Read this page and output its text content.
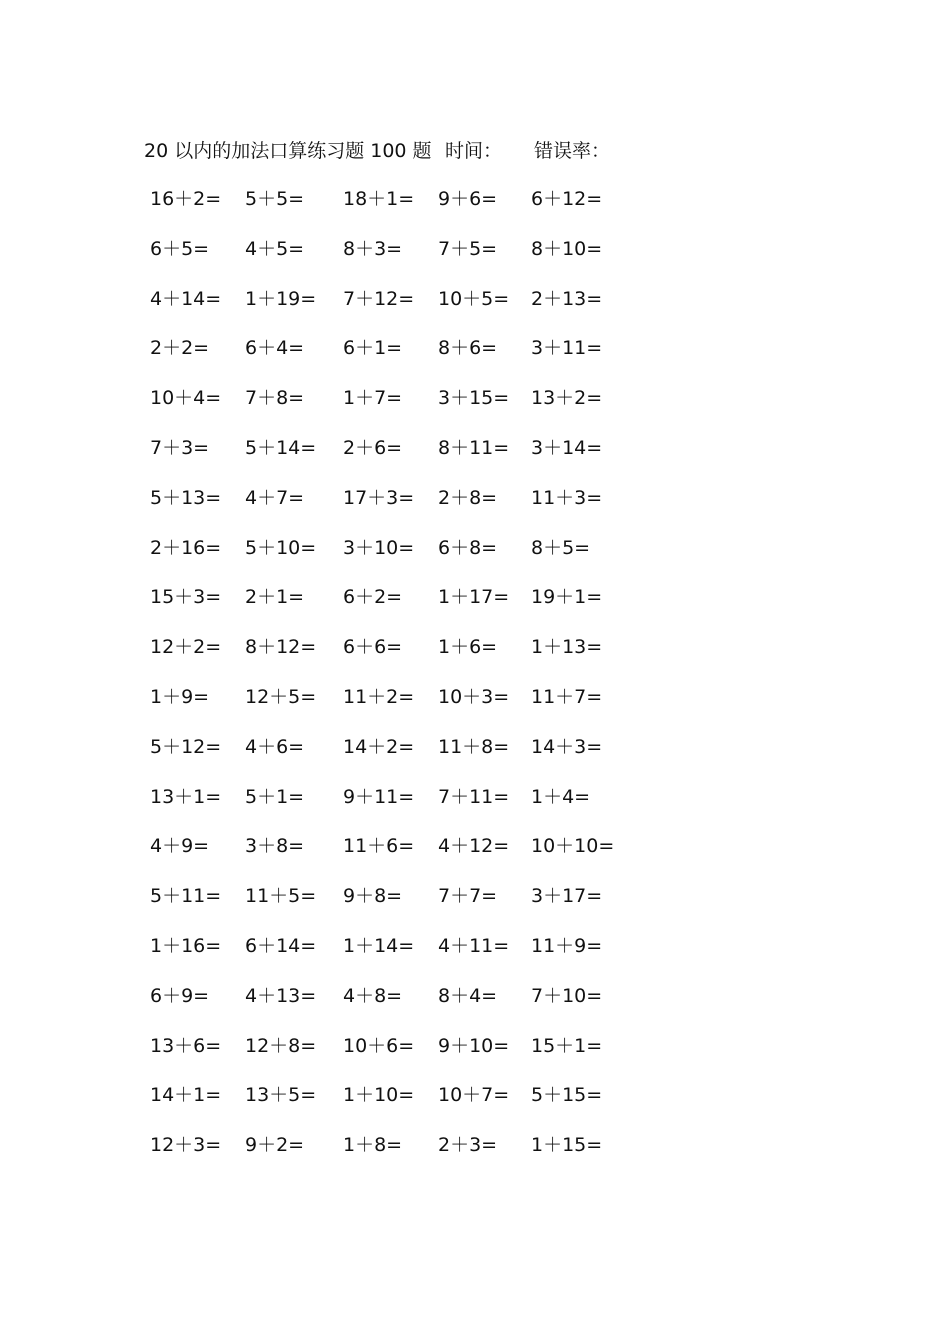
20 以内的加法口算练习题 100 题 时间： 错误率：
16＋2= 5＋5= 18＋1= 9＋6= 6＋12=
6＋5= 4＋5= 8＋3= 7＋5= 8＋10=
4＋14= 1＋19= 7＋12= 10＋5= 2＋13=
2＋2= 6＋4= 6＋1= 8＋6= 3＋11=
10＋4= 7＋8= 1＋7= 3＋15= 13＋2=
7＋3= 5＋14= 2＋6= 8＋11= 3＋14=
5＋13= 4＋7= 17＋3= 2＋8= 11＋3=
2＋16= 5＋10= 3＋10= 6＋8= 8＋5=
15＋3= 2＋1= 6＋2= 1＋17= 19＋1=
12＋2= 8＋12= 6＋6= 1＋6= 1＋13=
1＋9= 12＋5= 11＋2= 10＋3= 11＋7=
5＋12= 4＋6= 14＋2= 11＋8= 14＋3=
13＋1= 5＋1= 9＋11= 7＋11= 1＋4=
4＋9= 3＋8= 11＋6= 4＋12= 10＋10=
5＋11= 11＋5= 9＋8= 7＋7= 3＋17=
1＋16= 6＋14= 1＋14= 4＋11= 11＋9=
6＋9= 4＋13= 4＋8= 8＋4= 7＋10=
13＋6= 12＋8= 10＋6= 9＋10= 15＋1=
14＋1= 13＋5= 1＋10= 10＋7= 5＋15=
12＋3= 9＋2= 1＋8= 2＋3= 1＋15=
